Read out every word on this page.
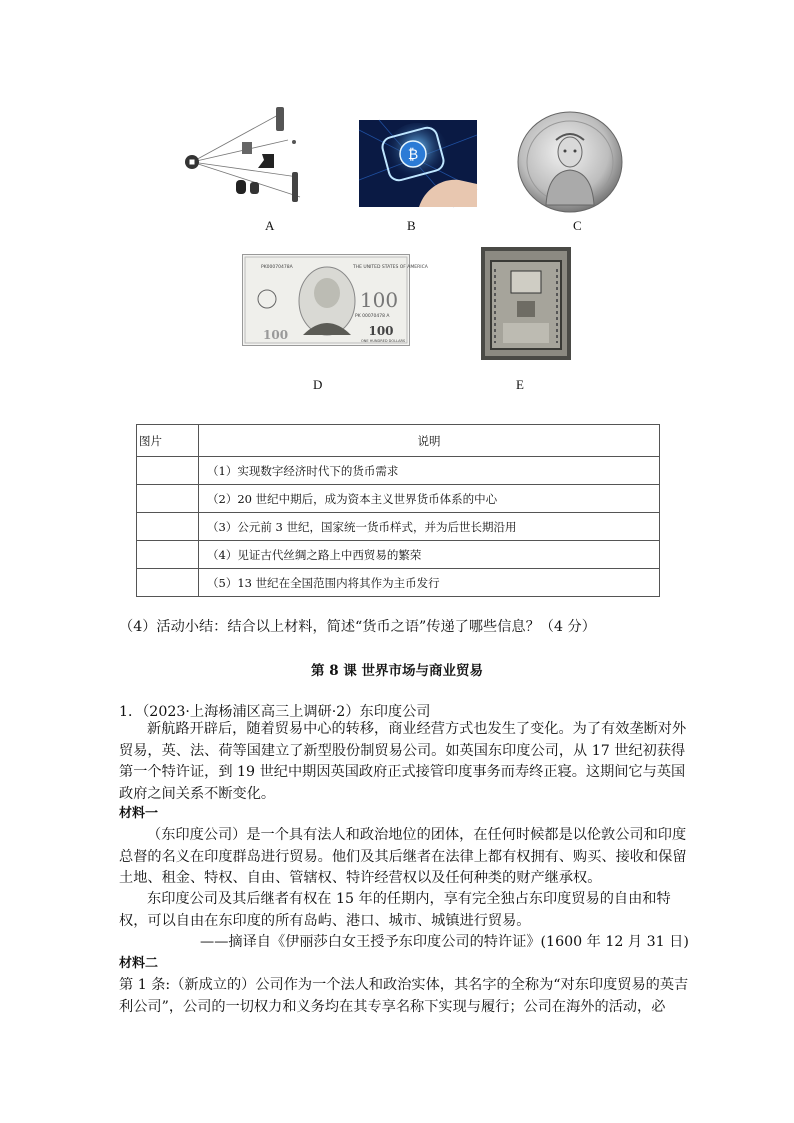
A
₿
B	C
PK00070478A	THE UNITED STATES OF AMERICA
100
100
100	ONE HUNDRED DOLLARS
PK 00070478 A
D	E
图片	说明
	（1）实现数字经济时代下的货币需求
	（2）20 世纪中期后，成为资本主义世界货币体系的中心
	（3）公元前 3 世纪，国家统一货币样式，并为后世长期沿用
	（4）见证古代丝绸之路上中西贸易的繁荣
	（5）13 世纪在全国范围内将其作为主币发行
（4）活动小结：结合以上材料，简述“货币之语”传递了哪些信息？（4 分）
第 8 课 世界市场与商业贸易
1．（2023·上海杨浦区高三上调研·2）东印度公司
新航路开辟后，随着贸易中心的转移，商业经营方式也发生了变化。为了有效垄断对外贸易，英、法、荷等国建立了新型股份制贸易公司。如英国东印度公司，从 17 世纪初获得第一个特许证，到 19 世纪中期因英国政府正式接管印度事务而寿终正寝。这期间它与英国政府之间关系不断变化。
材料一
（东印度公司）是一个具有法人和政治地位的团体，在任何时候都是以伦敦公司和印度总督的名义在印度群岛进行贸易。他们及其后继者在法律上都有权拥有、购买、接收和保留土地、租金、特权、自由、管辖权、特许经营权以及任何种类的财产继承权。
东印度公司及其后继者有权在 15 年的任期内，享有完全独占东印度贸易的自由和特权，可以自由在东印度的所有岛屿、港口、城市、城镇进行贸易。
——摘译自《伊丽莎白女王授予东印度公司的特许证》(1600 年 12 月 31 日)
材料二
第 1 条:（新成立的）公司作为一个法人和政治实体，其名字的全称为“对东印度贸易的英吉利公司”，公司的一切权力和义务均在其专享名称下实现与履行；公司在海外的活动，必
